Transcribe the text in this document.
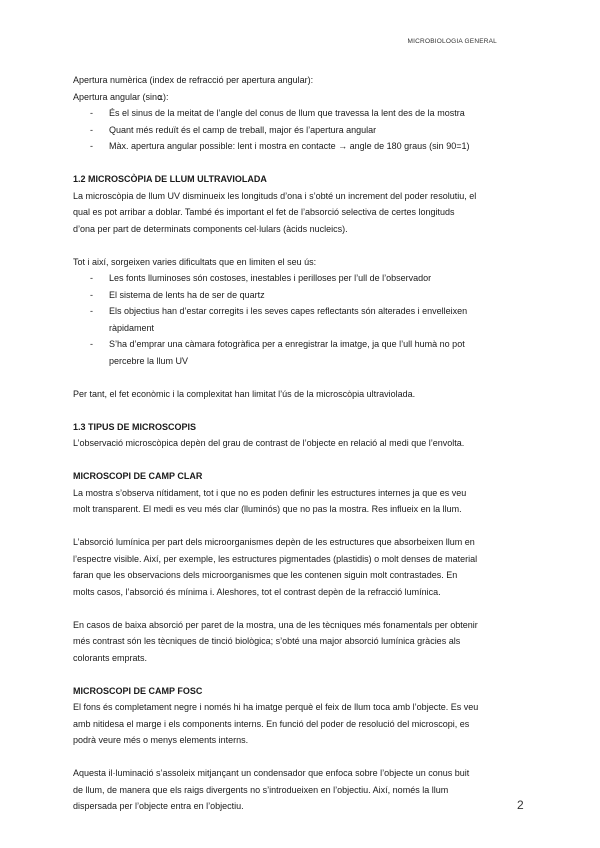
MICROBIOLOGIA GENERAL

Apertura numèrica (index de refracció per apertura angular):

Apertura angular (sin⍺):

- És el sinus de la meitat de l’angle del conus de llum que travessa la lent des de la mostra
- Quant més reduït és el camp de treball, major és l’apertura angular
- Màx. apertura angular possible: lent i mostra en contacte → angle de 180 graus (sin 90=1)

1.2 MICROSCÒPIA DE LLUM ULTRAVIOLADA

La microscòpia de llum UV disminueix les longituds d’ona i s’obté un increment del poder resolutiu, el

qual es pot arribar a doblar. També és important el fet de l’absorció selectiva de certes longituds

d’ona per part de determinats components cel·lulars (àcids nucleics).

Tot i així, sorgeixen varies dificultats que en limiten el seu ús:

- Les fonts lluminoses són costoses, inestables i perilloses per l’ull de l’observador
- El sistema de lents ha de ser de quartz
- Els objectius han d’estar corregits i les seves capes reflectants són alterades i envelleixen

ràpidament

- S’ha d’emprar una càmara fotogràfica per a enregistrar la imatge, ja que l’ull humà no pot

percebre la llum UV

Per tant, el fet econòmic i la complexitat han limitat l’ús de la microscòpia ultraviolada.

1.3 TIPUS DE MICROSCOPIS

L’observació microscòpica depèn del grau de contrast de l’objecte en relació al medi que l’envolta.

MICROSCOPI DE CAMP CLAR

La mostra s’observa nítidament, tot i que no es poden definir les estructures internes ja que es veu

molt transparent. El medi es veu més clar (lluminós) que no pas la mostra. Res influeix en la llum.

L’absorció lumínica per part dels microorganismes depèn de les estructures que absorbeixen llum en

l’espectre visible. Així, per exemple, les estructures pigmentades (plastidis) o molt denses de material

faran que les observacions dels microorganismes que les contenen siguin molt contrastades. En

molts casos, l’absorció és mínima i. Aleshores, tot el contrast depèn de la refracció lumínica.

En casos de baixa absorció per paret de la mostra, una de les tècniques més fonamentals per obtenir

més contrast són les tècniques de tinció biològica; s’obté una major absorció lumínica gràcies als

colorants emprats.

MICROSCOPI DE CAMP FOSC

El fons és completament negre i només hi ha imatge perquè el feix de llum toca amb l’objecte. Es veu

amb nitidesa el marge i els components interns. En funció del poder de resolució del microscopi, es

podrà veure més o menys elements interns.

Aquesta il·luminació s’assoleix mitjançant un condensador que enfoca sobre l’objecte un conus buit

de llum, de manera que els raigs divergents no s’introdueixen en l’objectiu. Així, només la llum

dispersada per l’objecte entra en l’objectiu.	2
